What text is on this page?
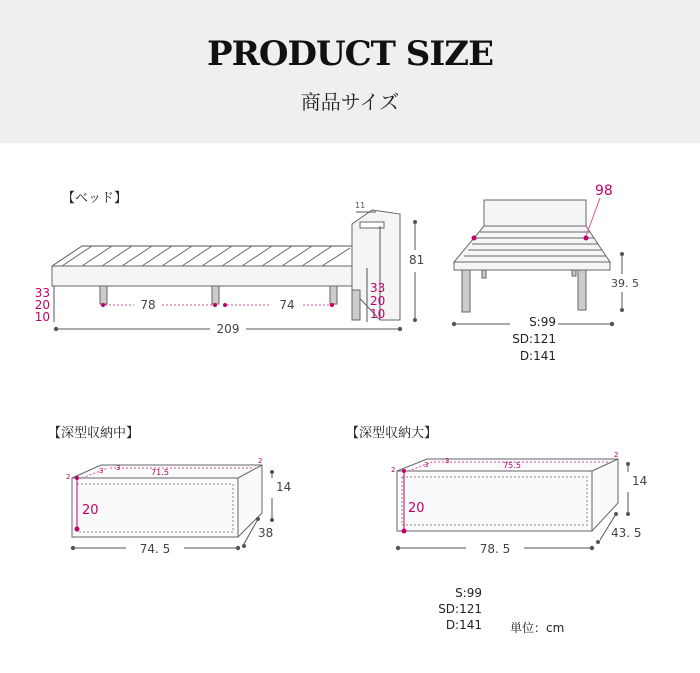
PRODUCT SIZE
商品サイズ
【ベッド】
【深型収納中】	【深型収納大】
33
20
10
33
20
10
78	74
209
11
81
98
39. 5
S:99
SD:121
D:141
2
3 3
2
71.5
20
14
38
74. 5
2
3 3
2
75.5
20
14
43. 5
78. 5
S:99
SD:121
D:141 単位：cm
